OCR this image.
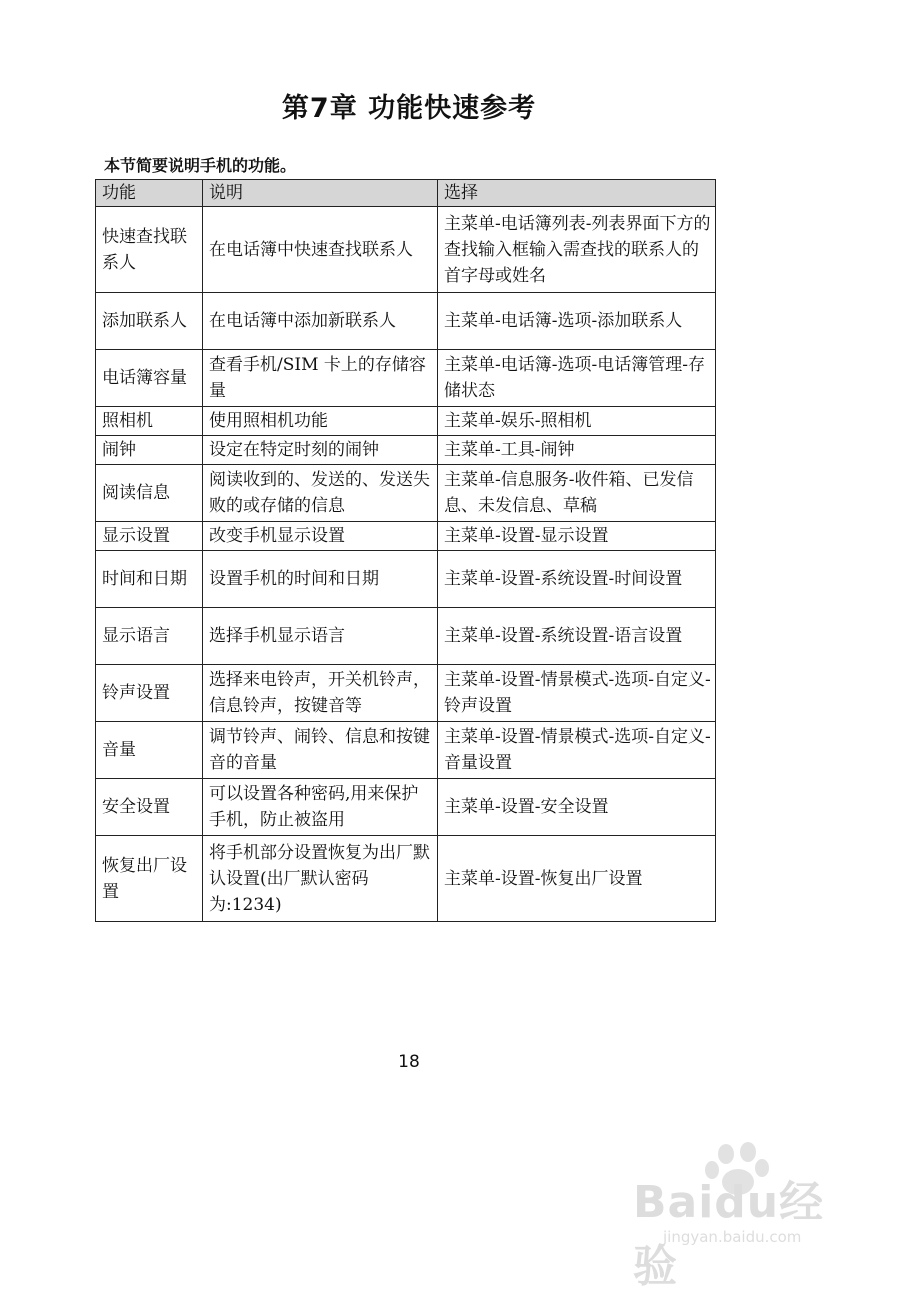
第7章 功能快速参考
本节简要说明手机的功能。
功能	说明	选择
快速查找联系人	在电话簿中快速查找联系人	主菜单-电话簿列表-列表界面下方的查找输入框输入需查找的联系人的首字母或姓名
添加联系人	在电话簿中添加新联系人	主菜单-电话簿-选项-添加联系人
电话簿容量	查看手机/SIM 卡上的存储容量	主菜单-电话簿-选项-电话簿管理-存储状态
照相机	使用照相机功能	主菜单-娱乐-照相机
闹钟	设定在特定时刻的闹钟	主菜单-工具-闹钟
阅读信息	阅读收到的、发送的、发送失败的或存储的信息	主菜单-信息服务-收件箱、已发信息、未发信息、草稿
显示设置	改变手机显示设置	主菜单-设置-显示设置
时间和日期	设置手机的时间和日期	主菜单-设置-系统设置-时间设置
显示语言	选择手机显示语言	主菜单-设置-系统设置-语言设置
铃声设置	选择来电铃声，开关机铃声，信息铃声，按键音等	主菜单-设置-情景模式-选项-自定义-铃声设置
音量	调节铃声、闹铃、信息和按键音的音量	主菜单-设置-情景模式-选项-自定义-音量设置
安全设置	可以设置各种密码,用来保护手机，防止被盗用	主菜单-设置-安全设置
恢复出厂设置	将手机部分设置恢复为出厂默认设置(出厂默认密码为:1234)	主菜单-设置-恢复出厂设置
18
Baidu经验
jingyan.baidu.com
